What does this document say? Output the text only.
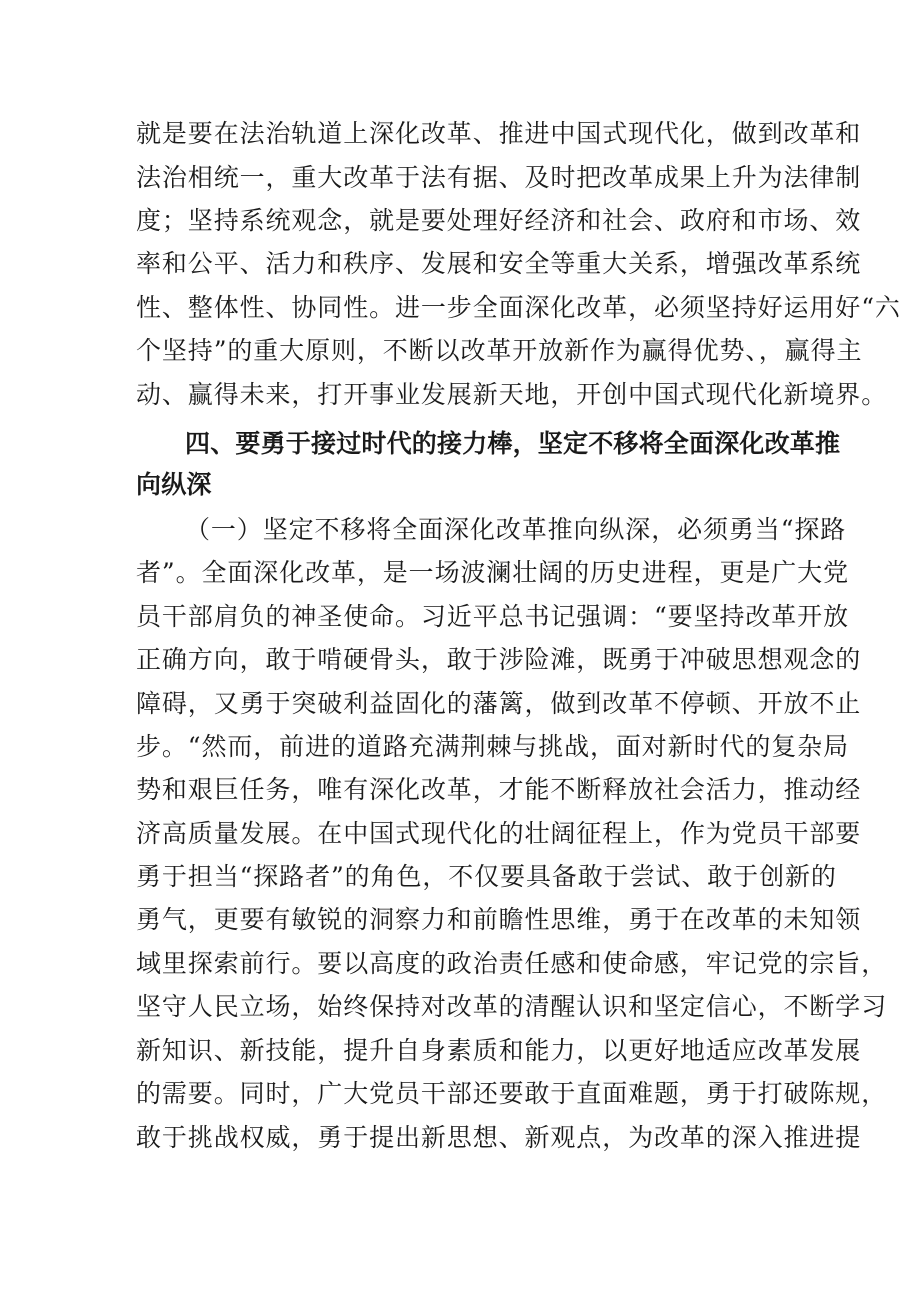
就是要在法治轨道上深化改革、推进中国式现代化，做到改革和
法治相统一，重大改革于法有据、及时把改革成果上升为法律制
度；坚持系统观念，就是要处理好经济和社会、政府和市场、效
率和公平、活力和秩序、发展和安全等重大关系，增强改革系统
性、整体性、协同性。进一步全面深化改革，必须坚持好运用好“六
个坚持”的重大原则，不断以改革开放新作为赢得优势、，赢得主
动、赢得未来，打开事业发展新天地，开创中国式现代化新境界。
四、要勇于接过时代的接力棒，坚定不移将全面深化改革推
向纵深
（一）坚定不移将全面深化改革推向纵深，必须勇当“探路
者”。全面深化改革，是一场波澜壮阔的历史进程，更是广大党
员干部肩负的神圣使命。习近平总书记强调：“要坚持改革开放
正确方向，敢于啃硬骨头，敢于涉险滩，既勇于冲破思想观念的
障碍，又勇于突破利益固化的藩篱，做到改革不停顿、开放不止
步。“然而，前进的道路充满荆棘与挑战，面对新时代的复杂局
势和艰巨任务，唯有深化改革，才能不断释放社会活力，推动经
济高质量发展。在中国式现代化的壮阔征程上，作为党员干部要
勇于担当“探路者”的角色，不仅要具备敢于尝试、敢于创新的
勇气，更要有敏锐的洞察力和前瞻性思维，勇于在改革的未知领
域里探索前行。要以高度的政治责任感和使命感，牢记党的宗旨，
坚守人民立场，始终保持对改革的清醒认识和坚定信心，不断学习
新知识、新技能，提升自身素质和能力，以更好地适应改革发展
的需要。同时，广大党员干部还要敢于直面难题，勇于打破陈规，
敢于挑战权威，勇于提出新思想、新观点，为改革的深入推进提
